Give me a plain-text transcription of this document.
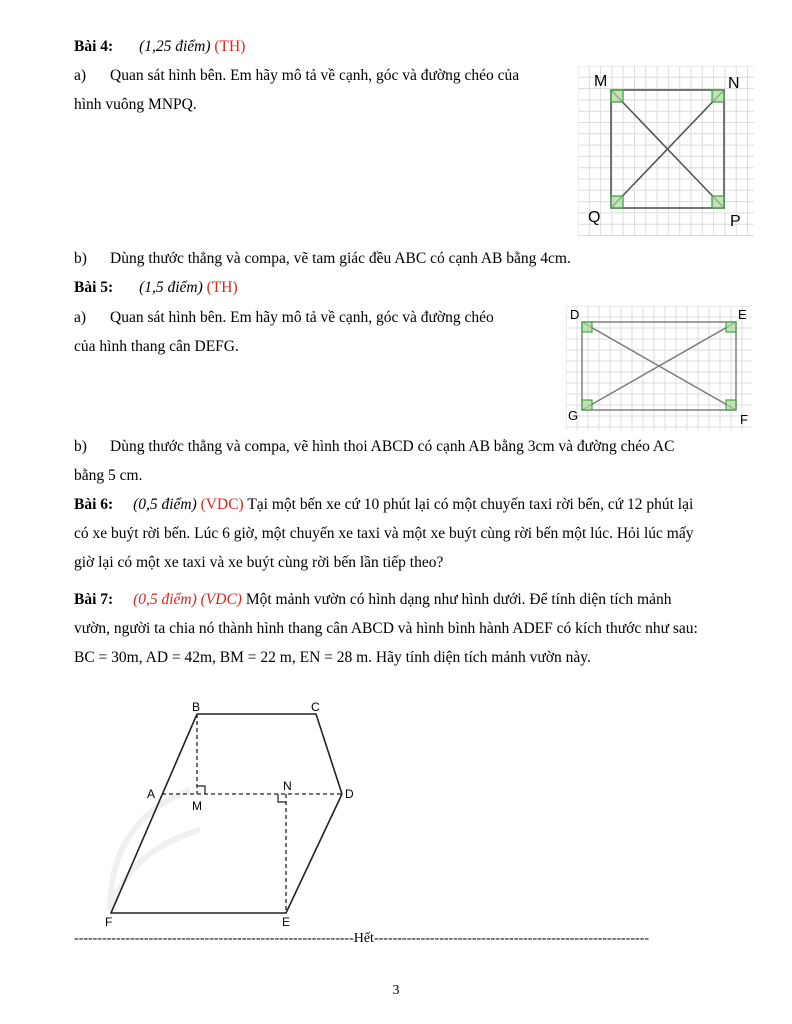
Bài 4: (1,25 điểm) (TH)
a) Quan sát hình bên. Em hãy mô tả về cạnh, góc và đường chéo của
hình vuông MNPQ.
M	N
P
Q
b) Dùng thước thẳng và compa, vẽ tam giác đều ABC có cạnh AB bằng 4cm.
Bài 5: (1,5 điểm) (TH)
a) Quan sát hình bên. Em hãy mô tả về cạnh, góc và đường chéo
của hình thang cân DEFG.
D	E
F
G
b) Dùng thước thẳng và compa, vẽ hình thoi ABCD có cạnh AB bằng 3cm và đường chéo AC
bằng 5 cm.
Bài 6: (0,5 điểm) (VDC) Tại một bến xe cứ 10 phút lại có một chuyến taxi rời bến, cứ 12 phút lại
có xe buýt rời bến. Lúc 6 giờ, một chuyến xe taxi và một xe buýt cùng rời bến một lúc. Hỏi lúc mấy
giờ lại có một xe taxi và xe buýt cùng rời bến lần tiếp theo?
Bài 7: (0,5 điểm) (VDC) Một mảnh vườn có hình dạng như hình dưới. Để tính diện tích mảnh
vườn, người ta chia nó thành hình thang cân ABCD và hình bình hành ADEF có kích thước như sau:
BC = 30m, AD = 42m, BM = 22 m, EN = 28 m. Hãy tính diện tích mảnh vườn này.
B	C
A	D
M
N
E
F
------------------------------------------------------------Hết-----------------------------------------------------------
3
